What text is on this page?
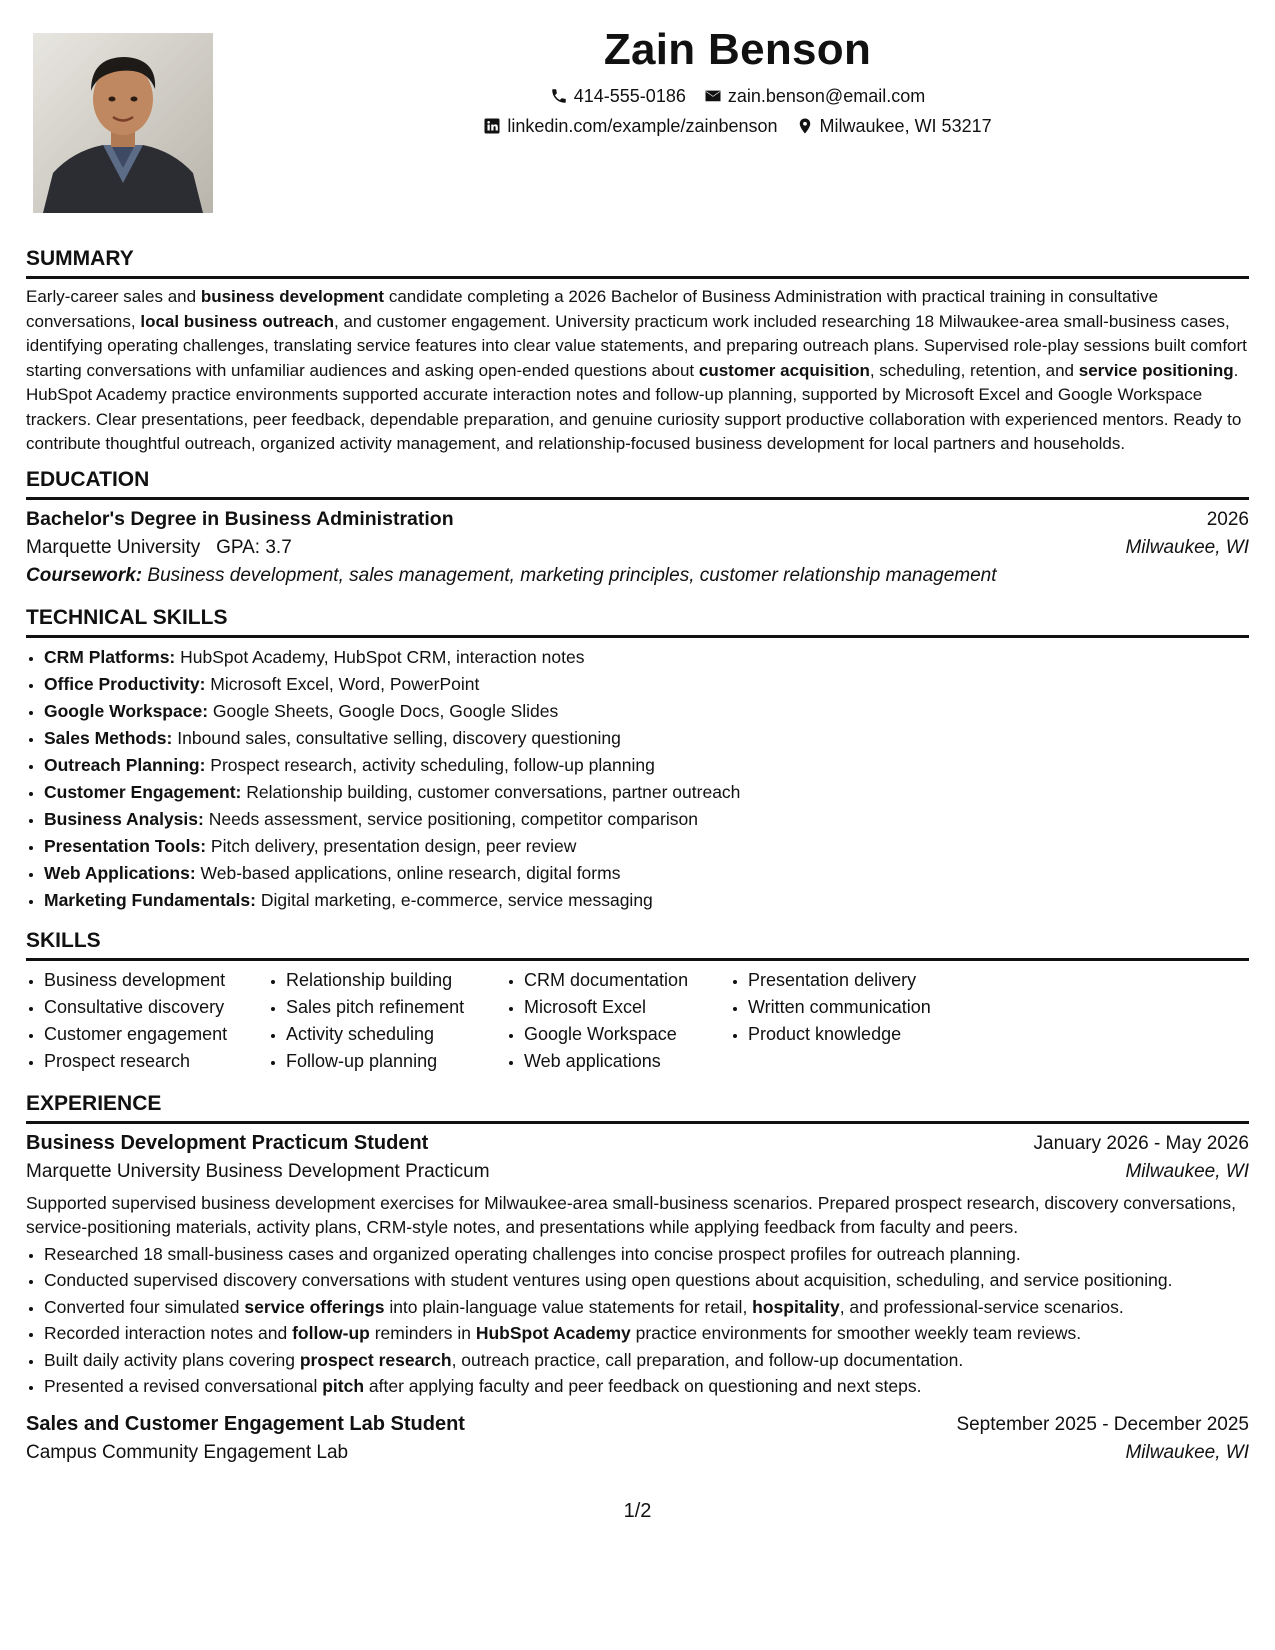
Zain Benson
414-555-0186 zain.benson@email.com
linkedin.com/example/zainbenson Milwaukee, WI 53217
SUMMARY

Early-career sales and business development candidate completing a 2026 Bachelor of Business Administration with practical training in consultative conversations, local business outreach, and customer engagement. University practicum work included researching 18 Milwaukee-area small-business cases, identifying operating challenges, translating service features into clear value statements, and preparing outreach plans. Supervised role-play sessions built comfort starting conversations with unfamiliar audiences and asking open-ended questions about customer acquisition, scheduling, retention, and service positioning. HubSpot Academy practice environments supported accurate interaction notes and follow-up planning, supported by Microsoft Excel and Google Workspace trackers. Clear presentations, peer feedback, dependable preparation, and genuine curiosity support productive collaboration with experienced mentors. Ready to contribute thoughtful outreach, organized activity management, and relationship-focused business development for local partners and households.

EDUCATION
Bachelor's Degree in Business Administration	2026
Marquette University GPA: 3.7	Milwaukee, WI
Coursework: Business development, sales management, marketing principles, customer relationship management
TECHNICAL SKILLS
• CRM Platforms: HubSpot Academy, HubSpot CRM, interaction notes
• Office Productivity: Microsoft Excel, Word, PowerPoint
• Google Workspace: Google Sheets, Google Docs, Google Slides
• Sales Methods: Inbound sales, consultative selling, discovery questioning
• Outreach Planning: Prospect research, activity scheduling, follow-up planning
• Customer Engagement: Relationship building, customer conversations, partner outreach
• Business Analysis: Needs assessment, service positioning, competitor comparison
• Presentation Tools: Pitch delivery, presentation design, peer review
• Web Applications: Web-based applications, online research, digital forms
• Marketing Fundamentals: Digital marketing, e-commerce, service messaging
SKILLS
• Business development
• Consultative discovery
• Customer engagement
• Prospect research
• Relationship building
• Sales pitch refinement
• Activity scheduling
• Follow-up planning
• CRM documentation
• Microsoft Excel
• Google Workspace
• Web applications
• Presentation delivery
• Written communication
• Product knowledge
EXPERIENCE
Business Development Practicum Student	January 2026 - May 2026
Marquette University Business Development Practicum	Milwaukee, WI
Supported supervised business development exercises for Milwaukee-area small-business scenarios. Prepared prospect research, discovery conversations, service-positioning materials, activity plans, CRM-style notes, and presentations while applying feedback from faculty and peers.
• Researched 18 small-business cases and organized operating challenges into concise prospect profiles for outreach planning.
• Conducted supervised discovery conversations with student ventures using open questions about acquisition, scheduling, and service positioning.
• Converted four simulated service offerings into plain-language value statements for retail, hospitality, and professional-service scenarios.
• Recorded interaction notes and follow-up reminders in HubSpot Academy practice environments for smoother weekly team reviews.
• Built daily activity plans covering prospect research, outreach practice, call preparation, and follow-up documentation.
• Presented a revised conversational pitch after applying faculty and peer feedback on questioning and next steps.
Sales and Customer Engagement Lab Student	September 2025 - December 2025
Campus Community Engagement Lab	Milwaukee, WI
1/2
